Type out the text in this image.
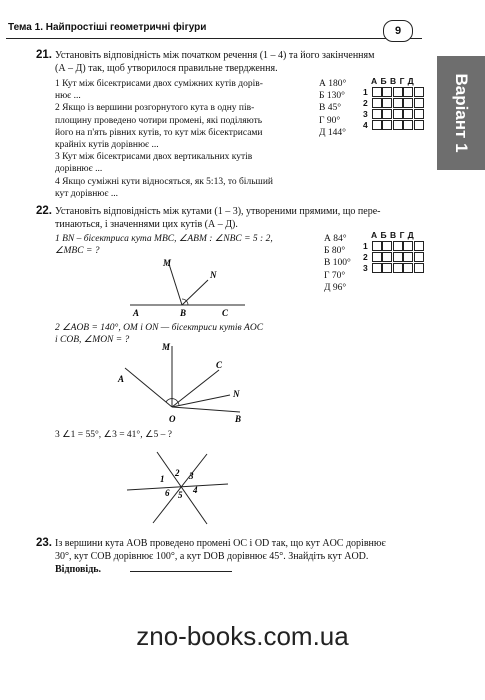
Тема 1. Найпростіші геометричні фігури	9
Варіант 1
21. Установіть відповідність між початком речення (1 – 4) та його закінченням
(А – Д) так, щоб утворилося правильне твердження.
1 Кут між бісектрисами двох суміжних кутів дорів-
нює ...
2 Якщо із вершини розгорнутого кута в одну пів-
площину проведено чотири промені, які поділяють
його на п'ять рівних кутів, то кут між бісектрисами
крайніх кутів дорівнює ...
3 Кут між бісектрисами двох вертикальних кутів
дорівнює ...
4 Якщо суміжні кути відносяться, як 5:13, то більший
кут дорівнює ...
А 180°
Б 130°
В 45°
Г 90°
Д 144°
АБВГД
1
2
3
4
22. Установіть відповідність між кутами (1 – 3), утвореними прямими, що пере-
тинаються, і значеннями цих кутів (А – Д).
1 BN – бісектриса кута MBC, ∠ABM : ∠NBC = 5 : 2,
∠MBC = ?
А 84°
Б 80°
В 100°
Г 70°
Д 96°
АБВГД
1
2
3
M
N
A	B	C
2 ∠AOB = 140°, OM і ON — бісектриси кутів AOC
і COB, ∠MON = ?
M
A
C
N
O	B
3 ∠1 = 55°, ∠3 = 41°, ∠5 – ?
1
2 3
4
5
6
23. Із вершини кута AOB проведено промені OC і OD так, що кут AOC дорівнює
30°, кут COB дорівнює 100°, а кут DOB дорівнює 45°. Знайдіть кут AOD.
Відповідь.
zno-books.com.ua
